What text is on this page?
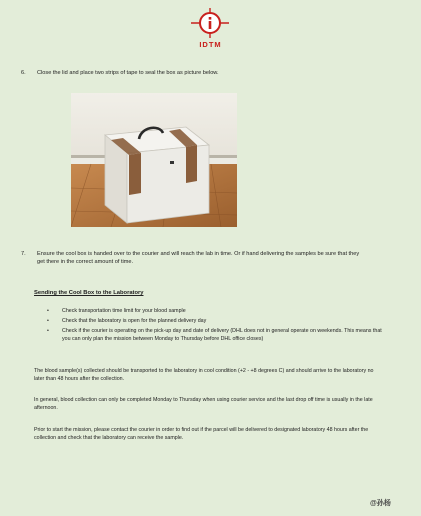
IDTM
6. Close the lid and place two strips of tape to seal the box as picture below.
7. Ensure the cool box is handed over to the courier and will reach the lab in time. Or if hand delivering the samples be sure that they get there in the correct amount of time.
Sending the Cool Box to the Laboratory
• Check transportation time limit for your blood sample
• Check that the laboratory is open for the planned delivery day
• Check if the courier is operating on the pick-up day and date of delivery (DHL does not in general operate on weekends. This means that you can only plan the mission between Monday to Thursday before DHL office closes)
The blood sample(s) collected should be transported to the laboratory in cool condition (+2 - +8 degrees C) and should arrive to the laboratory no later than 48 hours after the collection.
In general, blood collection can only be completed Monday to Thursday when using courier service and the last drop off time is usually in the late afternoon.
Prior to start the mission, please contact the courier in order to find out if the parcel will be delivered to designated laboratory 48 hours after the collection and check that the laboratory can receive the sample.
@孙杨
